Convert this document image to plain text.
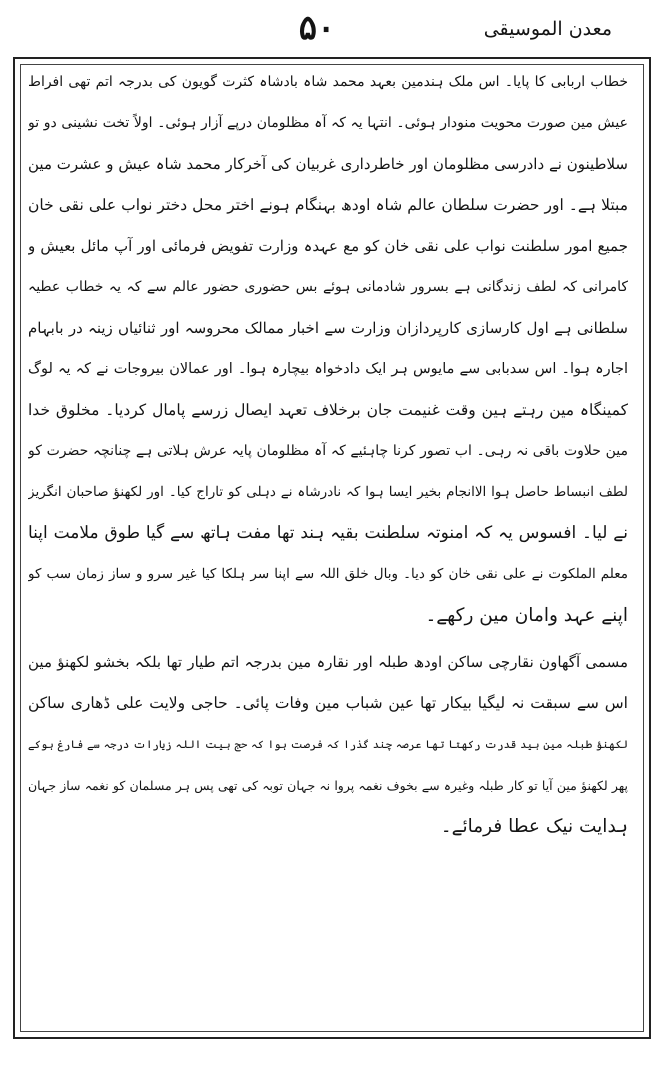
۵۰	معدن الموسیقی
خطاب اربابی کا پایا۔ اس ملک ہندمین بعہد محمد شاہ بادشاہ کثرت گویون کی بدرجہ اتم تھی افراط
عیش مین صورت محویت منودار ہوئی۔ انتہا یہ کہ آہ مظلومان درپے آزار ہوئی۔ اولاً تخت نشینی دو تو
سلاطینون نے دادرسی مظلومان اور خاطرداری غربیان کی آخرکار محمد شاہ عیش و عشرت مین
مبتلا ہے۔ اور حضرت سلطان عالم شاہ اودھ بہنگام ہونے اختر محل دختر نواب علی نقی خان
جمیع امور سلطنت نواب علی نقی خان کو مع عہدہ وزارت تفویض فرمائی اور آپ مائل بعیش و
کامرانی کہ لطف زندگانی ہے بسرور شادمانی ہوئے بس حضوری حضور عالم سے کہ یہ خطاب عطیہ
سلطانی ہے اول کارسازی کارپردازان وزارت سے اخبار ممالک محروسہ اور ثنائیاں زینہ در بابہام
اجارہ ہوا۔ اس سدبابی سے مایوس ہر ایک دادخواہ بیچارہ ہوا۔ اور عمالان بیروجات نے کہ یہ لوگ
کمینگاہ مین رہتے ہین وقت غنیمت جان برخلاف تعہد ایصال زرسے پامال کردیا۔ مخلوق خدا
مین حلاوت باقی نہ رہی۔ اب تصور کرنا چاہئیے کہ آہ مظلومان پایہ عرش ہلاتی ہے چنانچہ حضرت کو
لطف انبساط حاصل ہوا الاانجام بخیر ایسا ہوا کہ نادرشاہ نے دہلی کو تاراج کیا۔ اور لکھنؤ صاحبان انگریز
نے لیا۔ افسوس یہ کہ امنوتہ سلطنت بقیہ ہند تھا مفت ہاتھ سے گیا طوق ملامت اپنا
معلم الملکوت نے علی نقی خان کو دیا۔ وبال خلق اللہ سے اپنا سر ہلکا کیا غیر سرو و ساز زمان سب کو
اپنے عہد وامان مین رکھے۔
مسمی آگھاون نقارچی ساکن اودھ طبلہ اور نقارہ مین بدرجہ اتم طیار تھا بلکہ بخشو لکھنؤ مین
اس سے سبقت نہ لیگیا بیکار تھا عین شباب مین وفات پائی۔ حاجی ولایت علی ڈھاری ساکن
لکھنؤ طبلہ مین بید قدرت رکھتا تھا عرصہ چند گذرا کہ فرصت ہوا کہ حج بیت اللہ زیارات درجہ سے فارغ ہوکے
پھر لکھنؤ مین آیا تو کار طبلہ وغیرہ سے بخوف نغمہ پروا نہ جہان توبہ کی تھی پس ہر مسلمان کو نغمہ ساز جہان
ہدایت نیک عطا فرمائے۔
